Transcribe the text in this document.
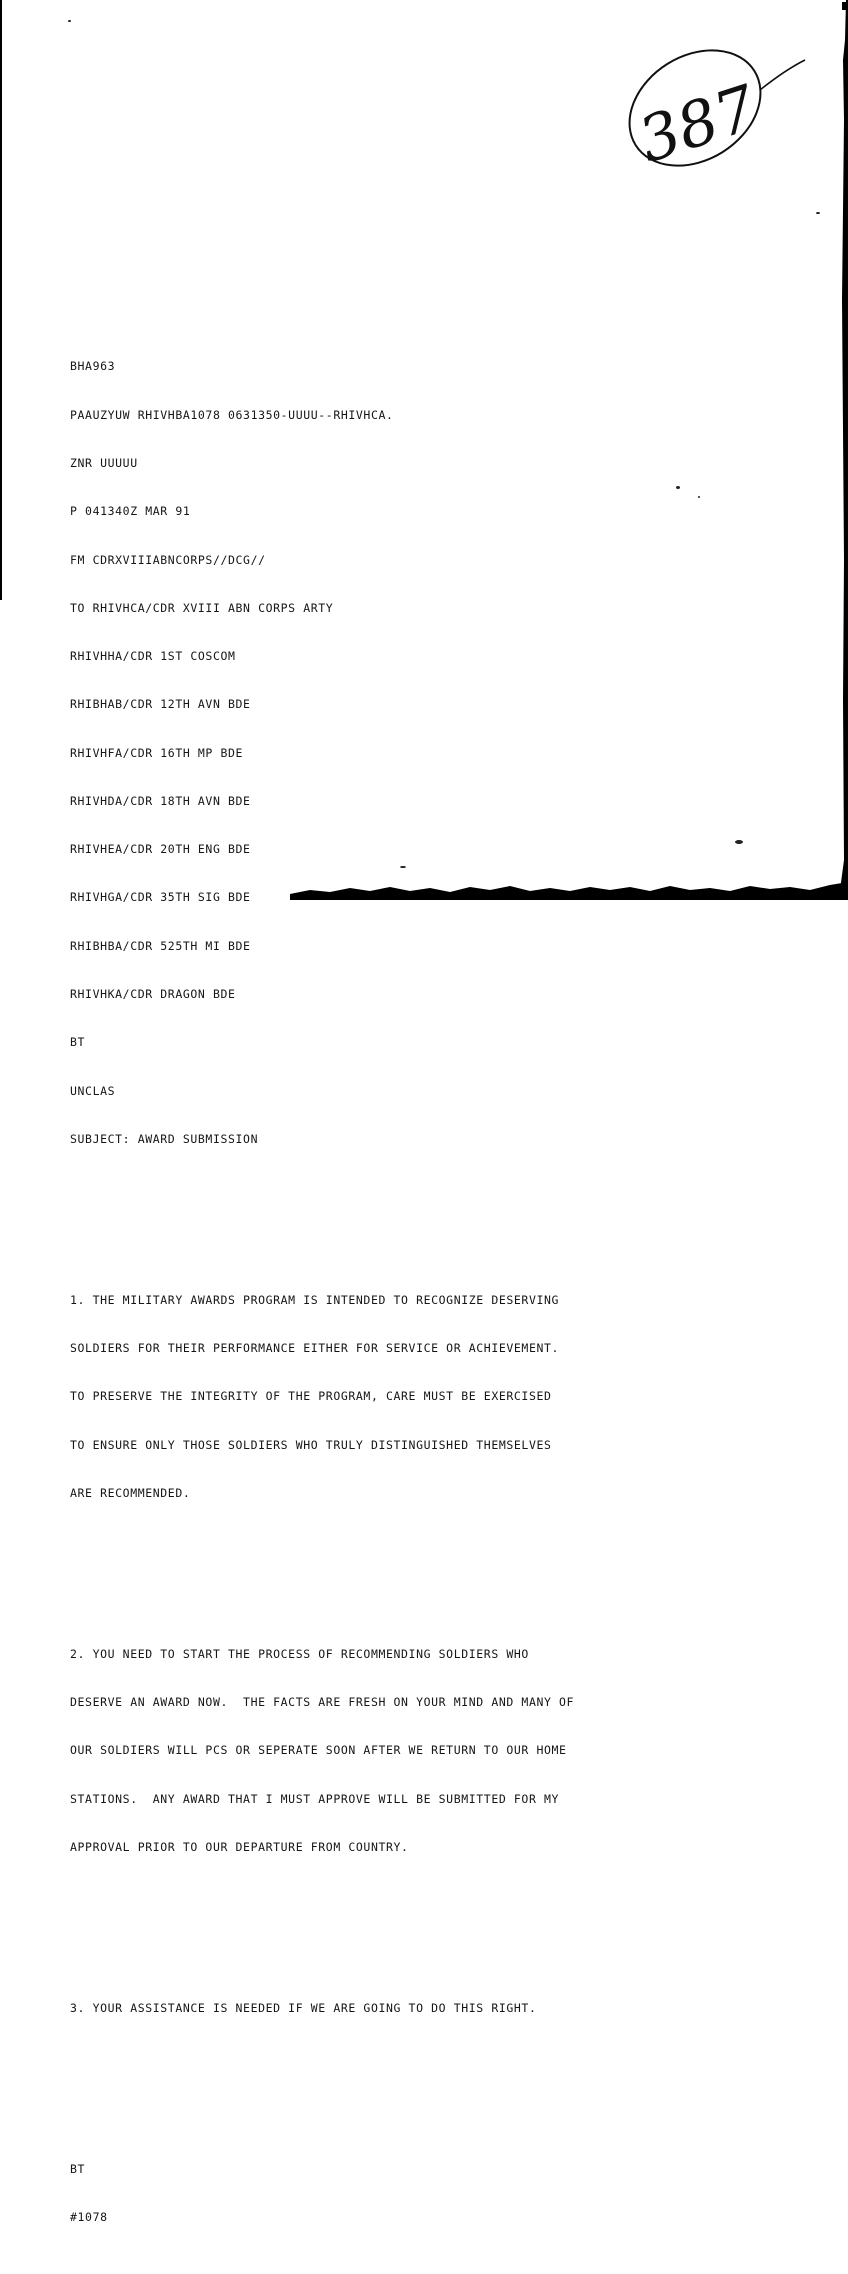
387

BHA963

PAAUZYUW RHIVHBA1078 0631350-UUUU--RHIVHCA.

ZNR UUUUU

P 041340Z MAR 91

FM CDRXVIIIABNCORPS//DCG//

TO RHIVHCA/CDR XVIII ABN CORPS ARTY

RHIVHHA/CDR 1ST COSCOM

RHIBHAB/CDR 12TH AVN BDE

RHIVHFA/CDR 16TH MP BDE

RHIVHDA/CDR 18TH AVN BDE

RHIVHEA/CDR 20TH ENG BDE

RHIVHGA/CDR 35TH SIG BDE

RHIBHBA/CDR 525TH MI BDE

RHIVHKA/CDR DRAGON BDE

BT

UNCLAS

SUBJECT: AWARD SUBMISSION

1. THE MILITARY AWARDS PROGRAM IS INTENDED TO RECOGNIZE DESERVING

SOLDIERS FOR THEIR PERFORMANCE EITHER FOR SERVICE OR ACHIEVEMENT.

TO PRESERVE THE INTEGRITY OF THE PROGRAM, CARE MUST BE EXERCISED

TO ENSURE ONLY THOSE SOLDIERS WHO TRULY DISTINGUISHED THEMSELVES

ARE RECOMMENDED.

2. YOU NEED TO START THE PROCESS OF RECOMMENDING SOLDIERS WHO

DESERVE AN AWARD NOW.  THE FACTS ARE FRESH ON YOUR MIND AND MANY OF

OUR SOLDIERS WILL PCS OR SEPERATE SOON AFTER WE RETURN TO OUR HOME

STATIONS.  ANY AWARD THAT I MUST APPROVE WILL BE SUBMITTED FOR MY

APPROVAL PRIOR TO OUR DEPARTURE FROM COUNTRY.

3. YOUR ASSISTANCE IS NEEDED IF WE ARE GOING TO DO THIS RIGHT.

BT

#1078
